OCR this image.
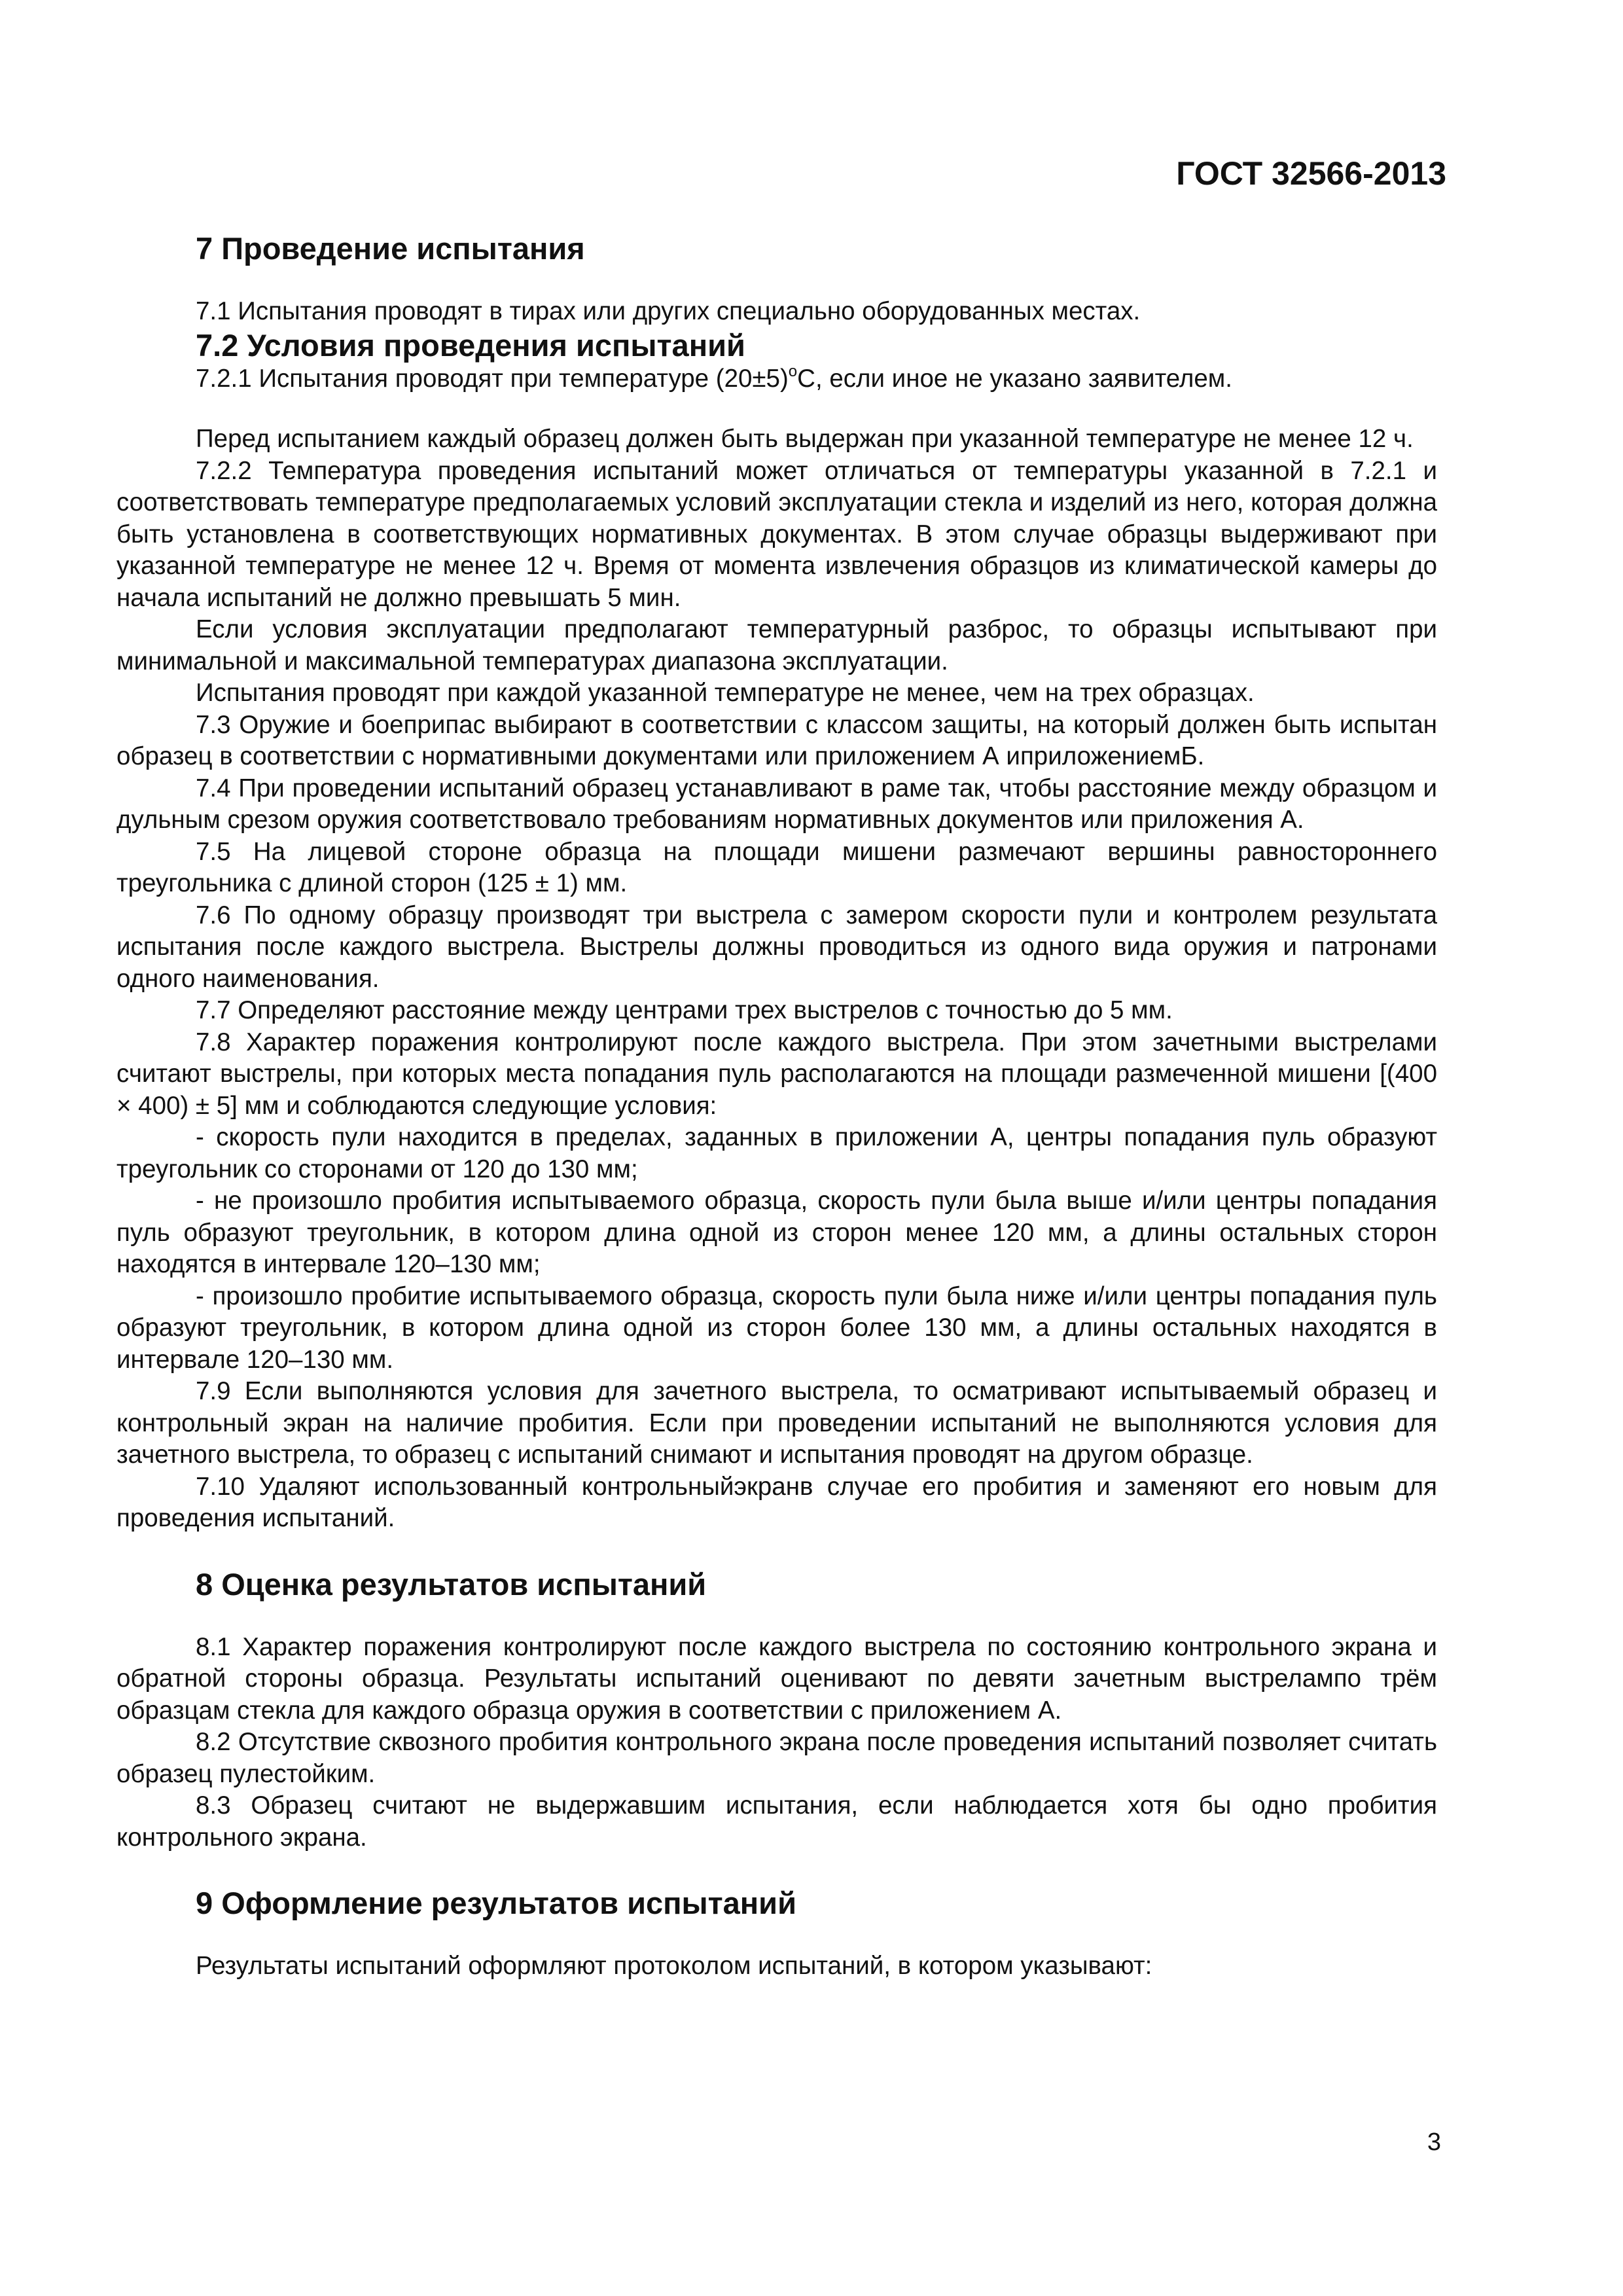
ГОСТ 32566-2013
7 Проведение испытания

7.1 Испытания проводят в тирах или других специально оборудованных местах.

7.2 Условия проведения испытаний

7.2.1 Испытания проводят при температуре $(20\pm 5)^oС$, если иное не указано заявителем.

Перед испытанием каждый образец должен быть выдержан при указанной температуре не менее 12 ч.

7.2.2 Температура проведения испытаний может отличаться от температуры указанной в 7.2.1 и соответствовать температуре предполагаемых условий эксплуатации стекла и изделий из него, которая должна быть установлена в соответствующих нормативных документах. В этом случае образцы выдерживают при указанной температуре не менее 12 ч. Время от момента извлечения образцов из климатической камеры до начала испытаний не должно превышать 5 мин.

Если условия эксплуатации предполагают температурный разброс, то образцы испытывают при минимальной и максимальной температурах диапазона эксплуатации.

Испытания проводят при каждой указанной температуре не менее, чем на трех образцах.

7.3 Оружие и боеприпас выбирают в соответствии с классом защиты, на который должен быть испытан образец в соответствии с нормативными документами или приложением А иприложениемБ.

7.4 При проведении испытаний образец устанавливают в раме так, чтобы расстояние между образцом и дульным срезом оружия соответствовало требованиям нормативных документов или приложения А.

7.5 На лицевой стороне образца на площади мишени размечают вершины равностороннего треугольника с длиной сторон (125 ± 1) мм.

7.6 По одному образцу производят три выстрела с замером скорости пули и контролем результата испытания после каждого выстрела. Выстрелы должны проводиться из одного вида оружия и патронами одного наименования.

7.7 Определяют расстояние между центрами трех выстрелов с точностью до 5 мм.

7.8 Характер поражения контролируют после каждого выстрела. При этом зачетными выстрелами считают выстрелы, при которых места попадания пуль располагаются на площади размеченной мишени [(400 × 400) ± 5] мм и соблюдаются следующие условия:

- скорость пули находится в пределах, заданных в приложении А, центры попадания пуль образуют треугольник со сторонами от 120 до 130 мм;

- не произошло пробития испытываемого образца, скорость пули была выше и/или центры попадания пуль образуют треугольник, в котором длина одной из сторон менее 120 мм, а длины остальных сторон находятся в интервале 120–130 мм;

- произошло пробитие испытываемого образца, скорость пули была ниже и/или центры попадания пуль образуют треугольник, в котором длина одной из сторон более 130 мм, а длины остальных находятся в интервале 120–130 мм.

7.9 Если выполняются условия для зачетного выстрела, то осматривают испытываемый образец и контрольный экран на наличие пробития. Если при проведении испытаний не выполняются условия для зачетного выстрела, то образец с испытаний снимают и испытания проводят на другом образце.

7.10 Удаляют использованный контрольныйэкранв случае его пробития и заменяют его новым для проведения испытаний.

8 Оценка результатов испытаний

8.1 Характер поражения контролируют после каждого выстрела по состоянию контрольного экрана и обратной стороны образца. Результаты испытаний оценивают по девяти зачетным выстрелампо трём образцам стекла для каждого образца оружия в соответствии с приложением А.

8.2 Отсутствие сквозного пробития контрольного экрана после проведения испытаний позволяет считать образец пулестойким.

8.3 Образец считают не выдержавшим испытания, если наблюдается хотя бы одно пробития контрольного экрана.

9 Оформление результатов испытаний

Результаты испытаний оформляют протоколом испытаний, в котором указывают:

3
